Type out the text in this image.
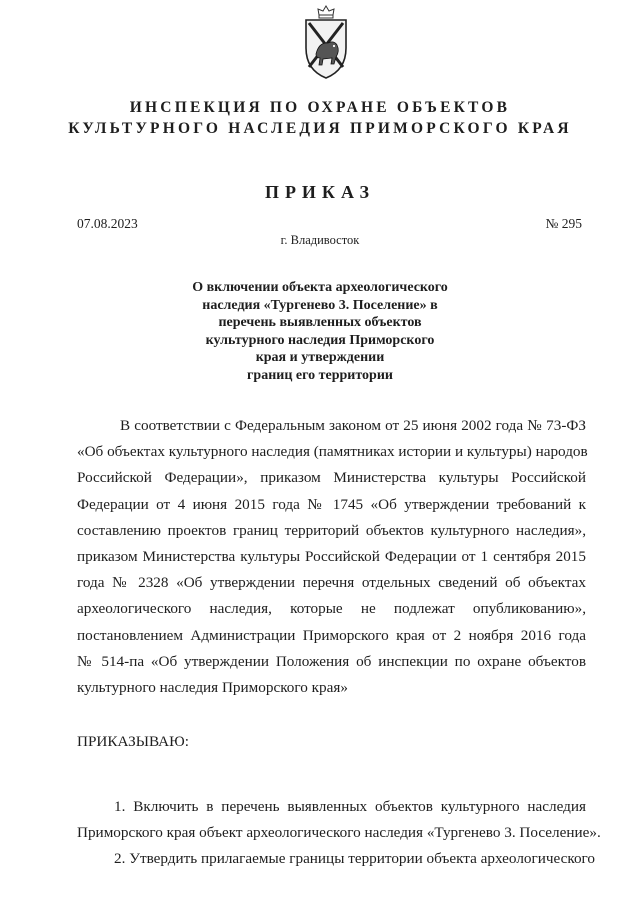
ИНСПЕКЦИЯ ПО ОХРАНЕ ОБЪЕКТОВ
КУЛЬТУРНОГО НАСЛЕДИЯ ПРИМОРСКОГО КРАЯ
ПРИКАЗ
07.08.2023	№ 295
г. Владивосток
О включении объекта археологического
наследия «Тургенево 3. Поселение» в
перечень выявленных объектов
культурного наследия Приморского
края и утверждении
границ его территории
В соответствии с Федеральным законом от 25 июня 2002 года № 73-ФЗ
«Об объектах культурного наследия (памятниках истории и культуры) народов
Российской Федерации», приказом Министерства культуры Российской
Федерации от 4 июня 2015 года № 1745 «Об утверждении требований к
составлению проектов границ территорий объектов культурного наследия»,
приказом Министерства культуры Российской Федерации от 1 сентября 2015
года № 2328 «Об утверждении перечня отдельных сведений об объектах
археологического наследия, которые не подлежат опубликованию»,
постановлением Администрации Приморского края от 2 ноября 2016 года
№ 514-па «Об утверждении Положения об инспекции по охране объектов
культурного наследия Приморского края»
ПРИКАЗЫВАЮ:
1. Включить в перечень выявленных объектов культурного наследия
Приморского края объект археологического наследия «Тургенево 3. Поселение».
2. Утвердить прилагаемые границы территории объекта археологического
